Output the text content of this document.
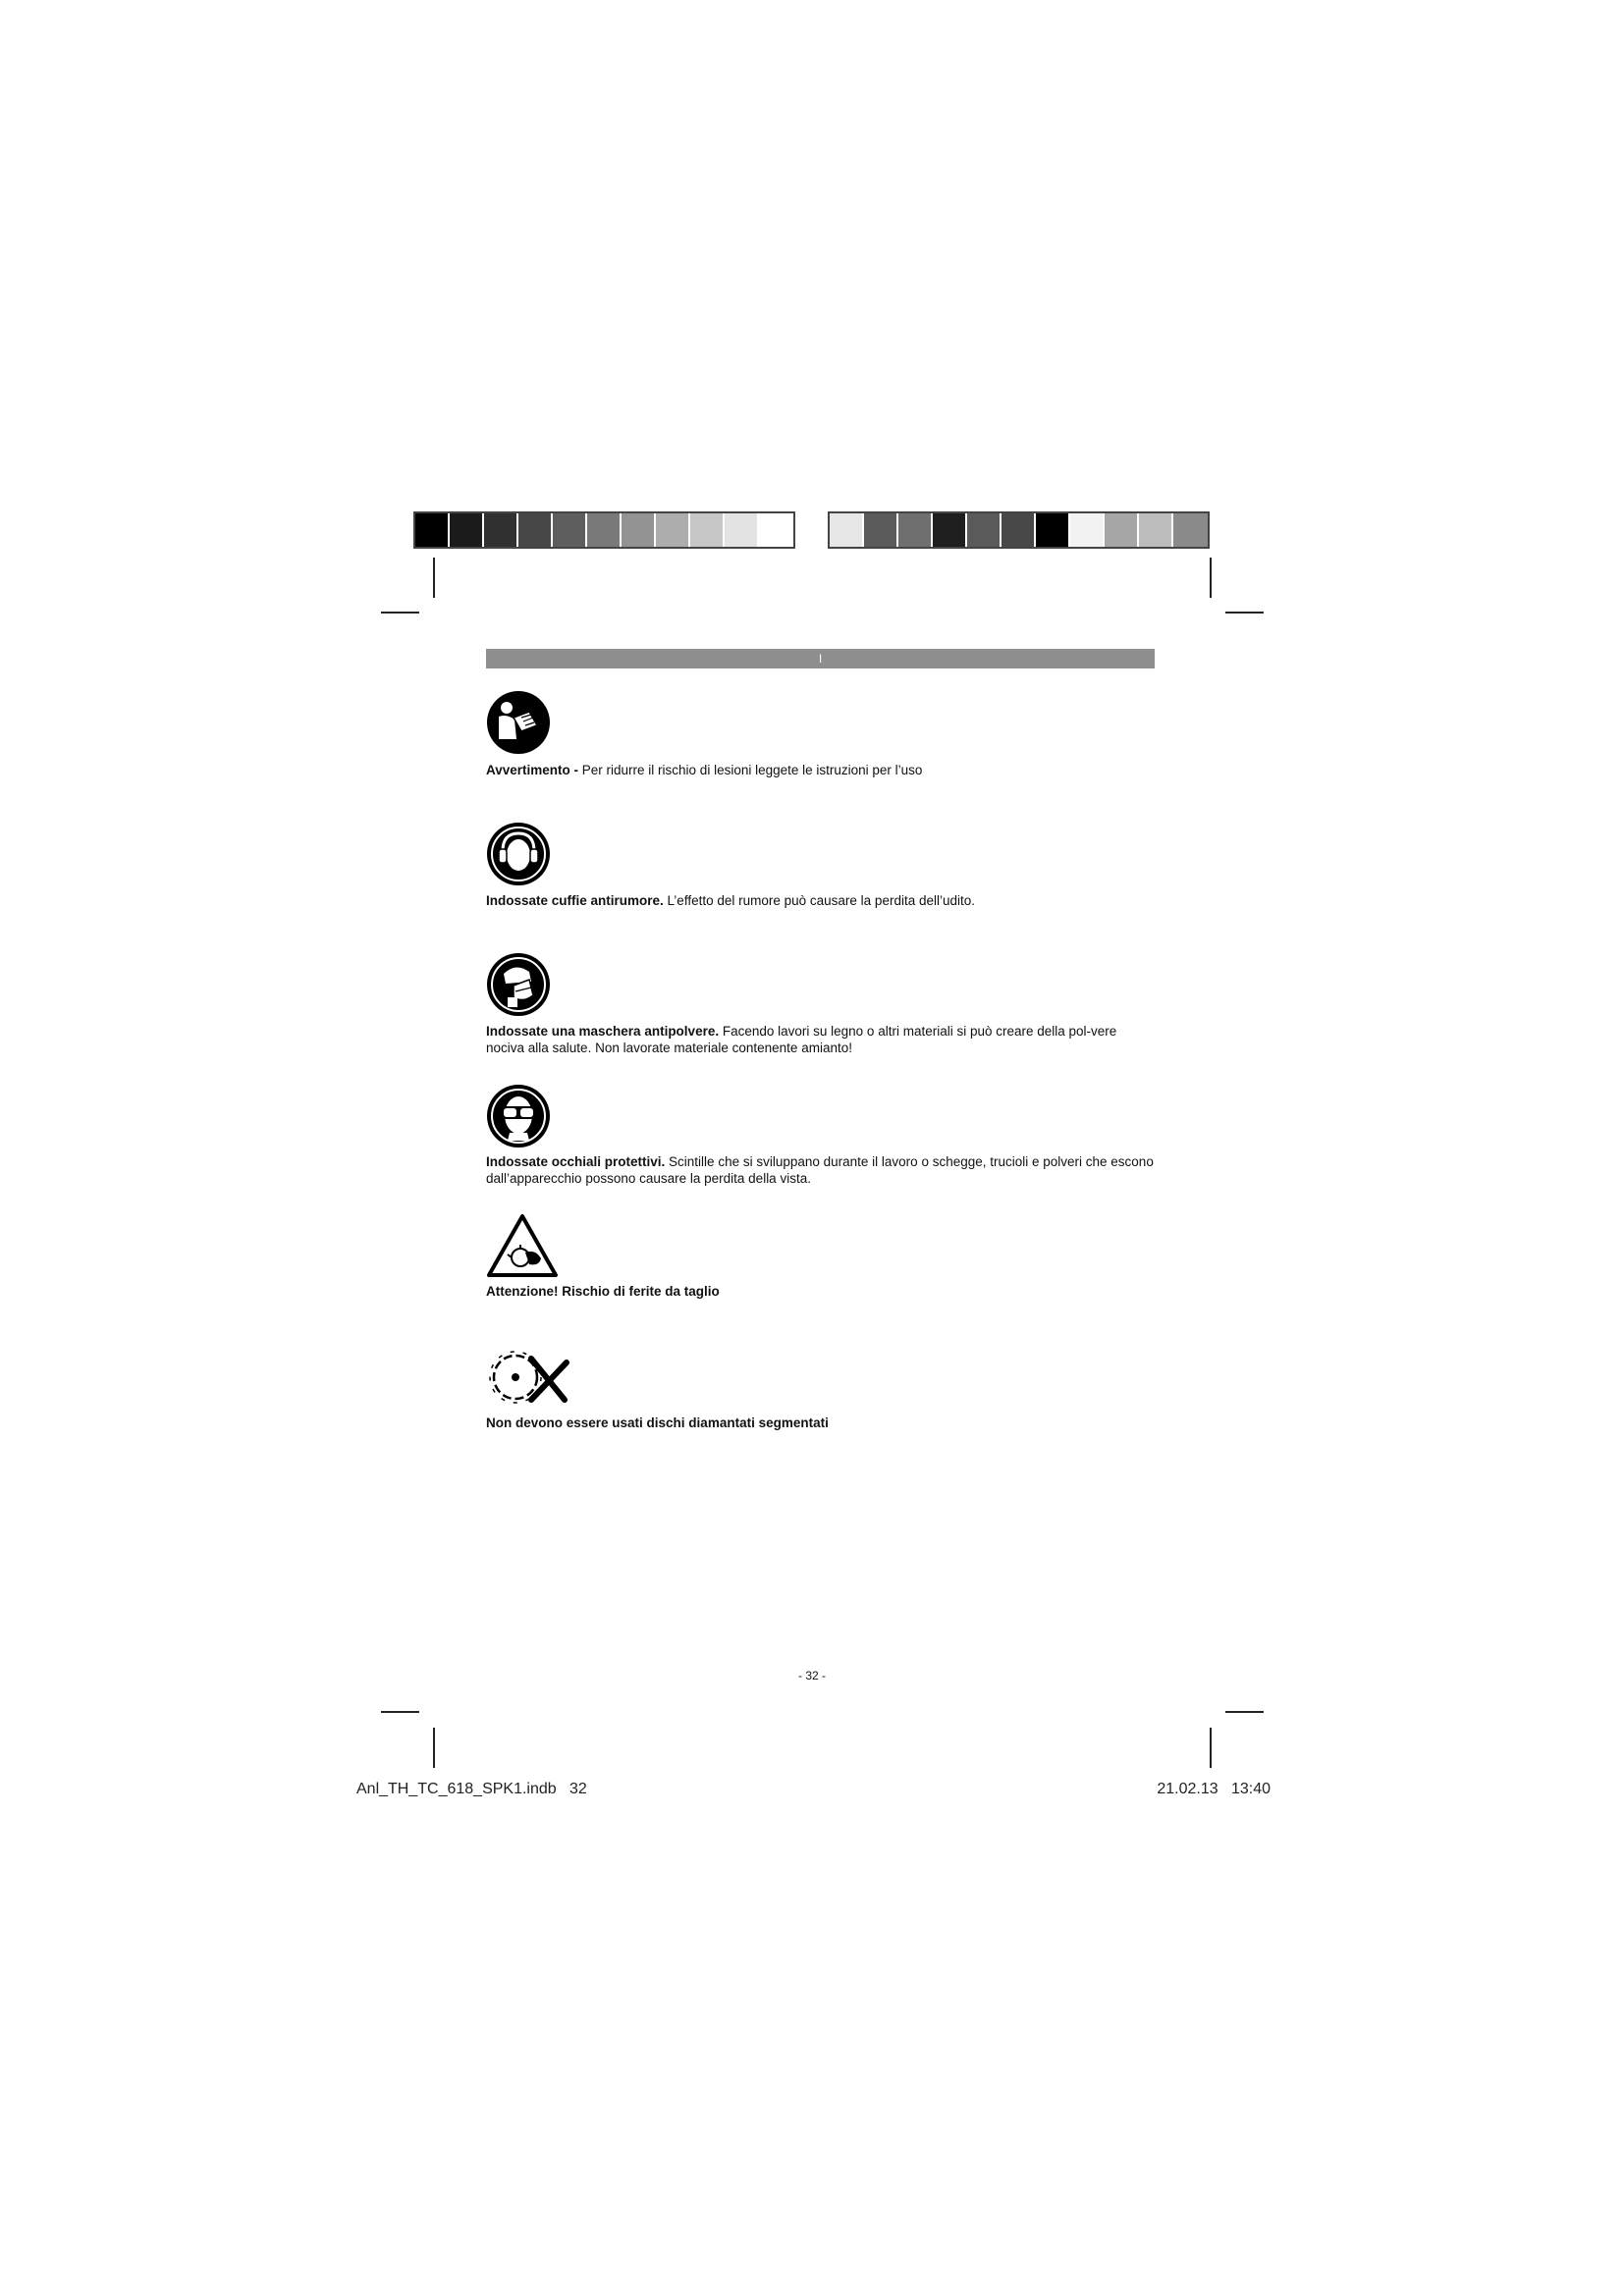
I
Avvertimento - Per ridurre il rischio di lesioni leggete le istruzioni per l’uso
Indossate cuffie antirumore. L’effetto del rumore può causare la perdita dell’udito.
Indossate una maschera antipolvere. Facendo lavori su legno o altri materiali si può creare della pol-vere nociva alla salute. Non lavorate materiale contenente amianto!
Indossate occhiali protettivi. Scintille che si sviluppano durante il lavoro o schegge, trucioli e polveri che escono dall’apparecchio possono causare la perdita della vista.
Attenzione! Rischio di ferite da taglio
Non devono essere usati dischi diamantati segmentati
- 32 -
Anl_TH_TC_618_SPK1.indb   32	21.02.13   13:40
